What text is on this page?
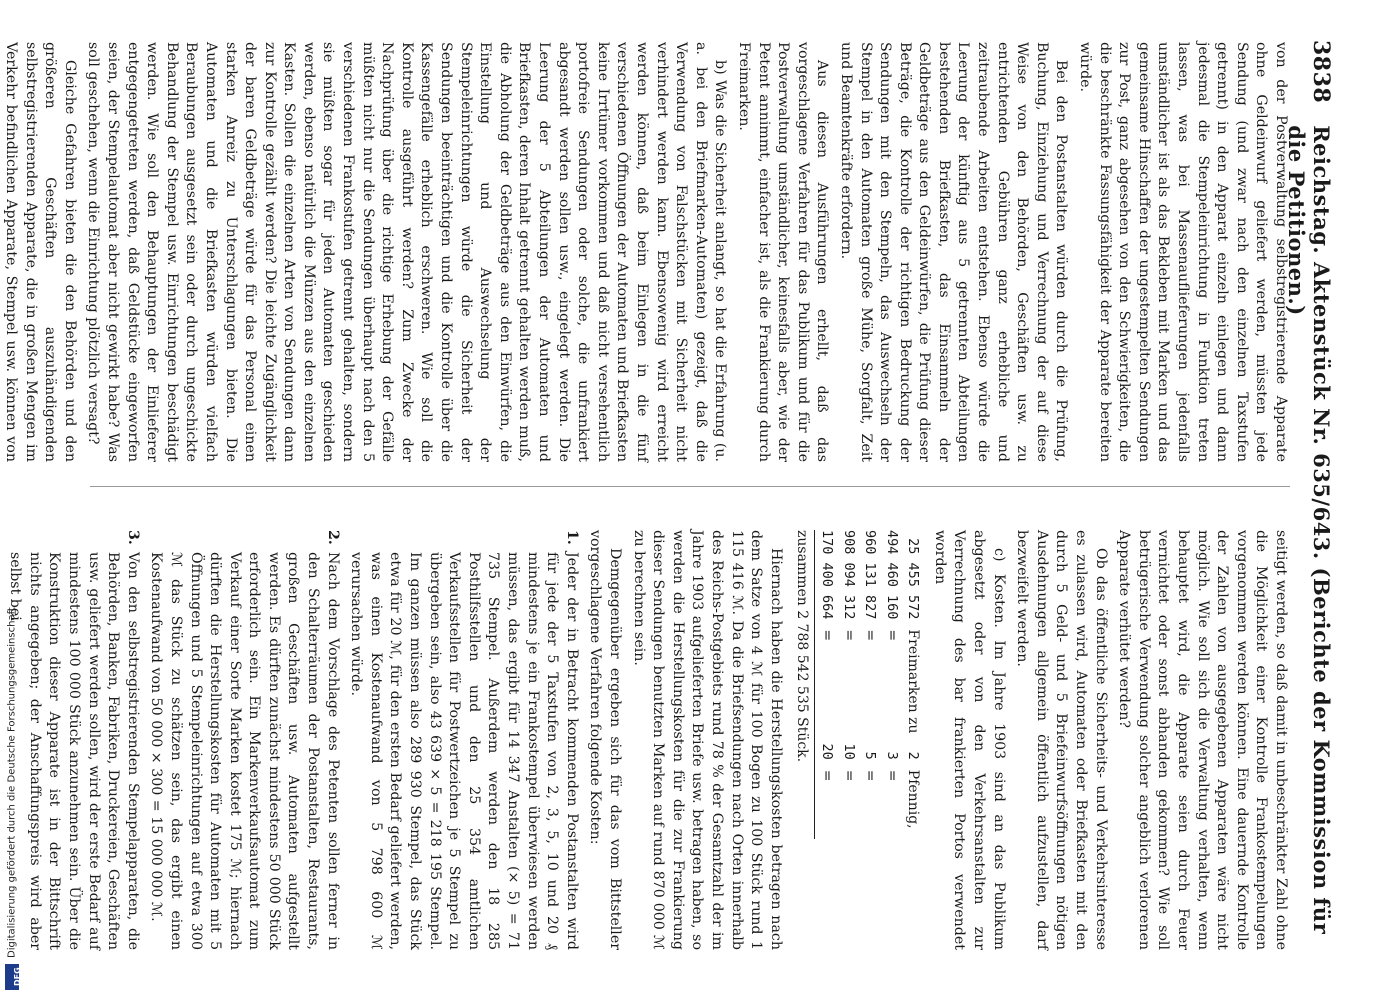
3838
Reichstag. Aktenstück Nr. 635/643. (Berichte der Kommission für die Petitionen.)

von der Postverwaltung selbstregistrierende Apparate ohne Geldeinwurf geliefert werden, müssten jede Sendung (und zwar nach den einzelnen Taxstufen getrennt) in den Apparat einzeln einlegen und dann jedesmal die Stempeleinrichtung in Funktion treten lassen, was bei Massenauflieferungen jedenfalls umständlicher ist als das Bekleben mit Marken und das gemeinsame Hinschaffen der ungestempelten Sendungen zur Post, ganz abgesehen von den Schwierigkeiten, die die beschränkte Fassungsfähigkeit der Apparate bereiten würde.

Bei den Postanstalten würden durch die Prüfung, Buchung, Einziehung und Verrechnung der auf diese Weise von den Behörden, Geschäften usw. zu entrichtenden Gebühren ganz erhebliche und zeitraubende Arbeiten entstehen. Ebenso würde die Leerung der künftig aus 5 getrennten Abteilungen bestehenden Briefkasten, das Einsammeln der Geldbeträge aus den Geldeinwürfen, die Prüfung dieser Beträge, die Kontrolle der richtigen Bedruckung der Sendungen mit den Stempeln, das Auswechseln der Stempel in den Automaten große Mühe, Sorgfalt, Zeit und Beamtenkräfte erfordern.

Aus diesen Ausführungen erhellt, daß das vorgeschlagene Verfahren für das Publikum und für die Postverwaltung umständlicher, keinesfalls aber, wie der Petent annimmt, einfacher ist, als die Frankierung durch Freimarken.

b) Was die Sicherheit anlangt, so hat die Erfahrung (u. a. bei den Briefmarken-Automaten) gezeigt, daß die Verwendung von Falschstücken mit Sicherheit nicht verhindert werden kann. Ebensowenig wird erreicht werden können, daß beim Einlegen in die fünf verschiedenen Öffnungen der Automaten und Briefkasten keine Irrtümer vorkommen und daß nicht versehentlich portofreie Sendungen oder solche, die unfrankiert abgesandt werden sollen usw., eingelegt werden. Die Leerung der 5 Abteilungen der Automaten und Briefkasten, deren Inhalt getrennt gehalten werden muß, die Abholung der Geldbeträge aus den Einwürfen, die Einstellung und Auswechselung der Stempeleinrichtungen würde die Sicherheit der Sendungen beeinträchtigen und die Kontrolle über die Kassengefälle erheblich erschweren. Wie soll die Kontrolle ausgeführt werden? Zum Zwecke der Nachprüfung über die richtige Erhebung der Gefälle müßten nicht nur die Sendungen überhaupt nach den 5 verschiedenen Frankostufen getrennt gehalten, sondern sie müßten sogar für jeden Automaten geschieden werden, ebenso natürlich die Münzen aus den einzelnen Kasten. Sollen die einzelnen Arten von Sendungen dann zur Kontrolle gezählt werden? Die leichte Zugänglichkeit der baren Geldbeträge würde für das Personal einen starken Anreiz zu Unterschlagungen bieten. Die Automaten und die Briefkasten würden vielfach Beraubungen ausgesetzt sein oder durch ungeschickte Behandlung der Stempel usw. Einrichtungen beschädigt werden. Wie soll den Behauptungen der Einlieferer entgegengetreten werden, daß Geldstücke eingeworfen seien, der Stempelautomat aber nicht gewirkt habe? Was soll geschehen, wenn die Einrichtung plötzlich versagt?

Gleiche Gefahren bieten die den Behörden und den größeren Geschäften auszuhändigenden selbstregistrierenden Apparate, die in großen Mengen im Verkehr befindlichen Apparate, Stempel usw. können von

seitigt werden, so daß damit in unbeschränkter Zahl ohne die Möglichkeit einer Kontrolle Frankostempelungen vorgenommen werden können. Eine dauernde Kontrolle der Zahlen von ausgegebenen Apparaten wäre nicht möglich. Wie soll sich die Verwaltung verhalten, wenn behauptet wird, die Apparate seien durch Feuer vernichtet oder sonst abhanden gekommen? Wie soll betrügerische Verwendung solcher angeblich verlorenen Apparate verhütet werden?

Ob das öffentliche Sicherheits- und Verkehrsinteresse es zulassen wird, Automaten oder Briefkasten mit den durch 5 Geld- und 5 Briefeinwurfsöffnungen nötigen Ausdehnungen allgemein öffentlich aufzustellen, darf bezweifelt werden.

c) Kosten. Im Jahre 1903 sind an das Publikum abgesetzt oder von den Verkehrsanstalten zur Verrechnung des bar frankierten Portos verwendet worden

25 455 572	Freimarken zu	2	Pfennig,
494 460 160	=	3	=
960 131 827	=	5	=
908 094 312	=	10	=
170 400 664	=	20	=
zusammen 2 788 542 535 Stück.			

Hiernach haben die Herstellungskosten betragen nach dem Satze von 4 ℳ für 100 Bogen zu 100 Stück rund 1 115 416 ℳ. Da die Briefsendungen nach Orten innerhalb des Reichs-Postgebiets rund 78 % der Gesamtzahl der im Jahre 1903 aufgelieferten Briefe usw. betragen haben, so werden die Herstellungskosten für die zur Frankierung dieser Sendungen benutzten Marken auf rund 870 000 ℳ zu berechnen sein.

Demgegenüber ergeben sich für das vom Bittsteller vorgeschlagene Verfahren folgende Kosten:

1.
Jeder der in Betracht kommenden Postanstalten wird für jede der 5 Taxstufen von 2, 3, 5, 10 und 20 ₰ mindestens je ein Frankostempel überwiesen werden müssen, das ergibt für 14 347 Anstalten (× 5) = 71 735 Stempel. Außerdem werden den 18 285 Posthilfsstellen und den 25 354 amtlichen Verkaufsstellen für Postwertzeichen je 5 Stempel zu übergeben sein, also 43 639 × 5 = 218 195 Stempel. Im ganzen müssen also 289 930 Stempel, das Stück etwa für 20 ℳ, für den ersten Bedarf geliefert werden, was einen Kostenaufwand von 5 798 600 ℳ verursachen würde.
2.
Nach dem Vorschlage des Petenten sollen ferner in den Schalterräumen der Postanstalten, Restaurants, großen Geschäften usw. Automaten aufgestellt werden. Es dürften zunächst mindestens 50 000 Stück erforderlich sein. Ein Markenverkaufsautomat zum Verkauf einer Sorte Marken kostet 175 ℳ; hiernach dürften die Herstellungskosten für Automaten mit 5 Öffnungen und 5 Stempeleinrichtungen auf etwa 300 ℳ das Stück zu schätzen sein, das ergibt einen Kostenaufwand von 50 000 × 300 = 15 000 000 ℳ.
3.
Von den selbstregistrierenden Stempelapparaten, die Behörden, Banken, Fabriken, Druckereien, Geschäften usw. geliefert werden sollen, wird der erste Bedarf auf mindestens 100 000 Stück anzunehmen sein. Über die Konstruktion dieser Apparate ist in der Bittschrift nichts angegeben; der Anschaffungspreis wird aber selbst bei
DFG
Digitalisierung gefördert durch die Deutsche Forschungsgemeinschaft
